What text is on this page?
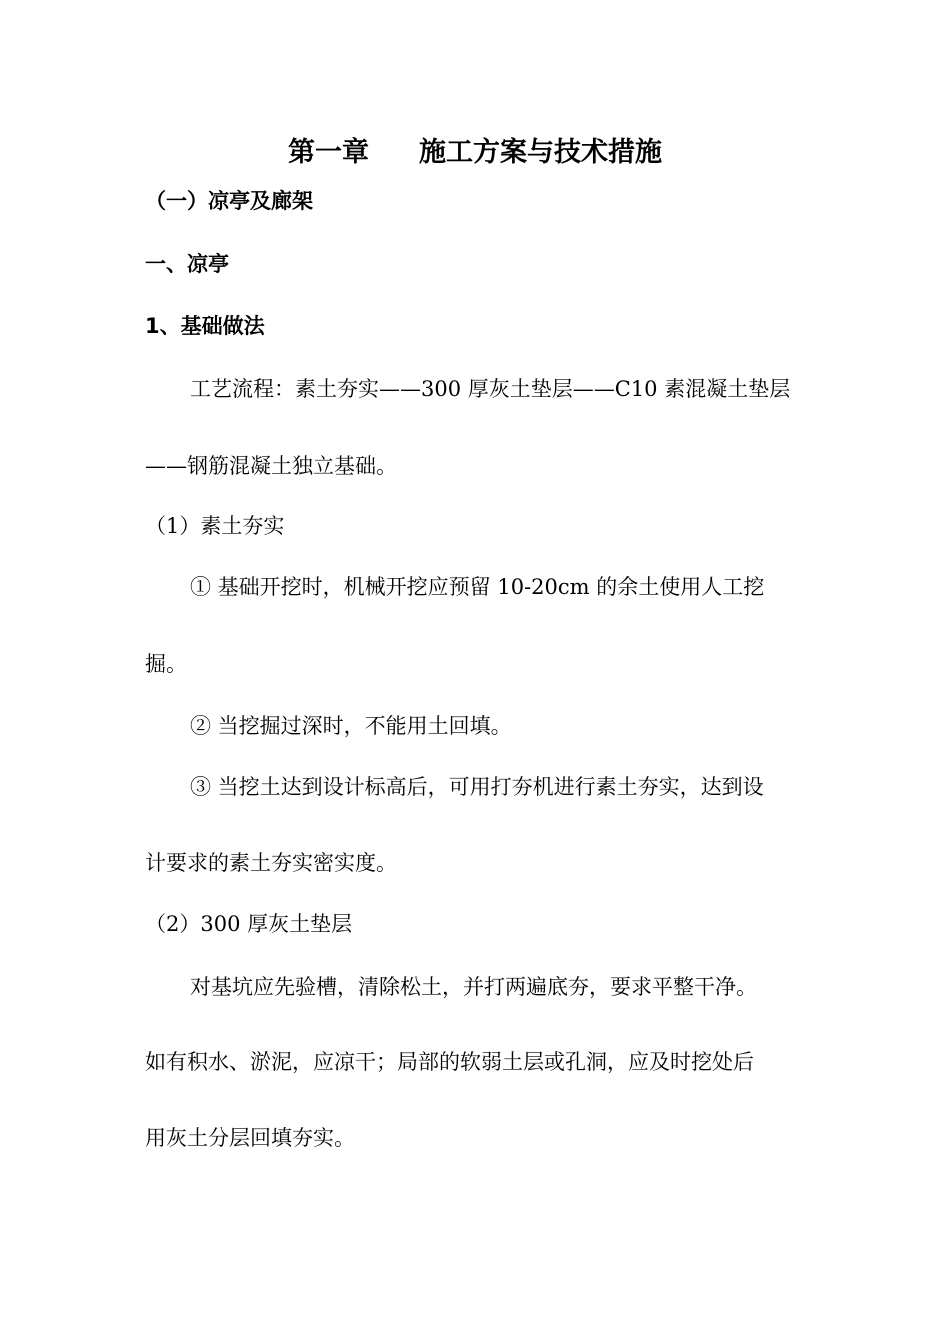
第一章 施工方案与技术措施
（一）凉亭及廊架
一、凉亭
1、基础做法
工艺流程：素土夯实——300 厚灰土垫层——C10 素混凝土垫层
——钢筋混凝土独立基础。
（1）素土夯实
① 基础开挖时，机械开挖应预留 10-20cm 的余土使用人工挖
掘。
② 当挖掘过深时，不能用土回填。
③ 当挖土达到设计标高后，可用打夯机进行素土夯实，达到设
计要求的素土夯实密实度。
（2）300 厚灰土垫层
对基坑应先验槽，清除松土，并打两遍底夯，要求平整干净。
如有积水、淤泥，应凉干；局部的软弱土层或孔洞，应及时挖处后
用灰土分层回填夯实。
